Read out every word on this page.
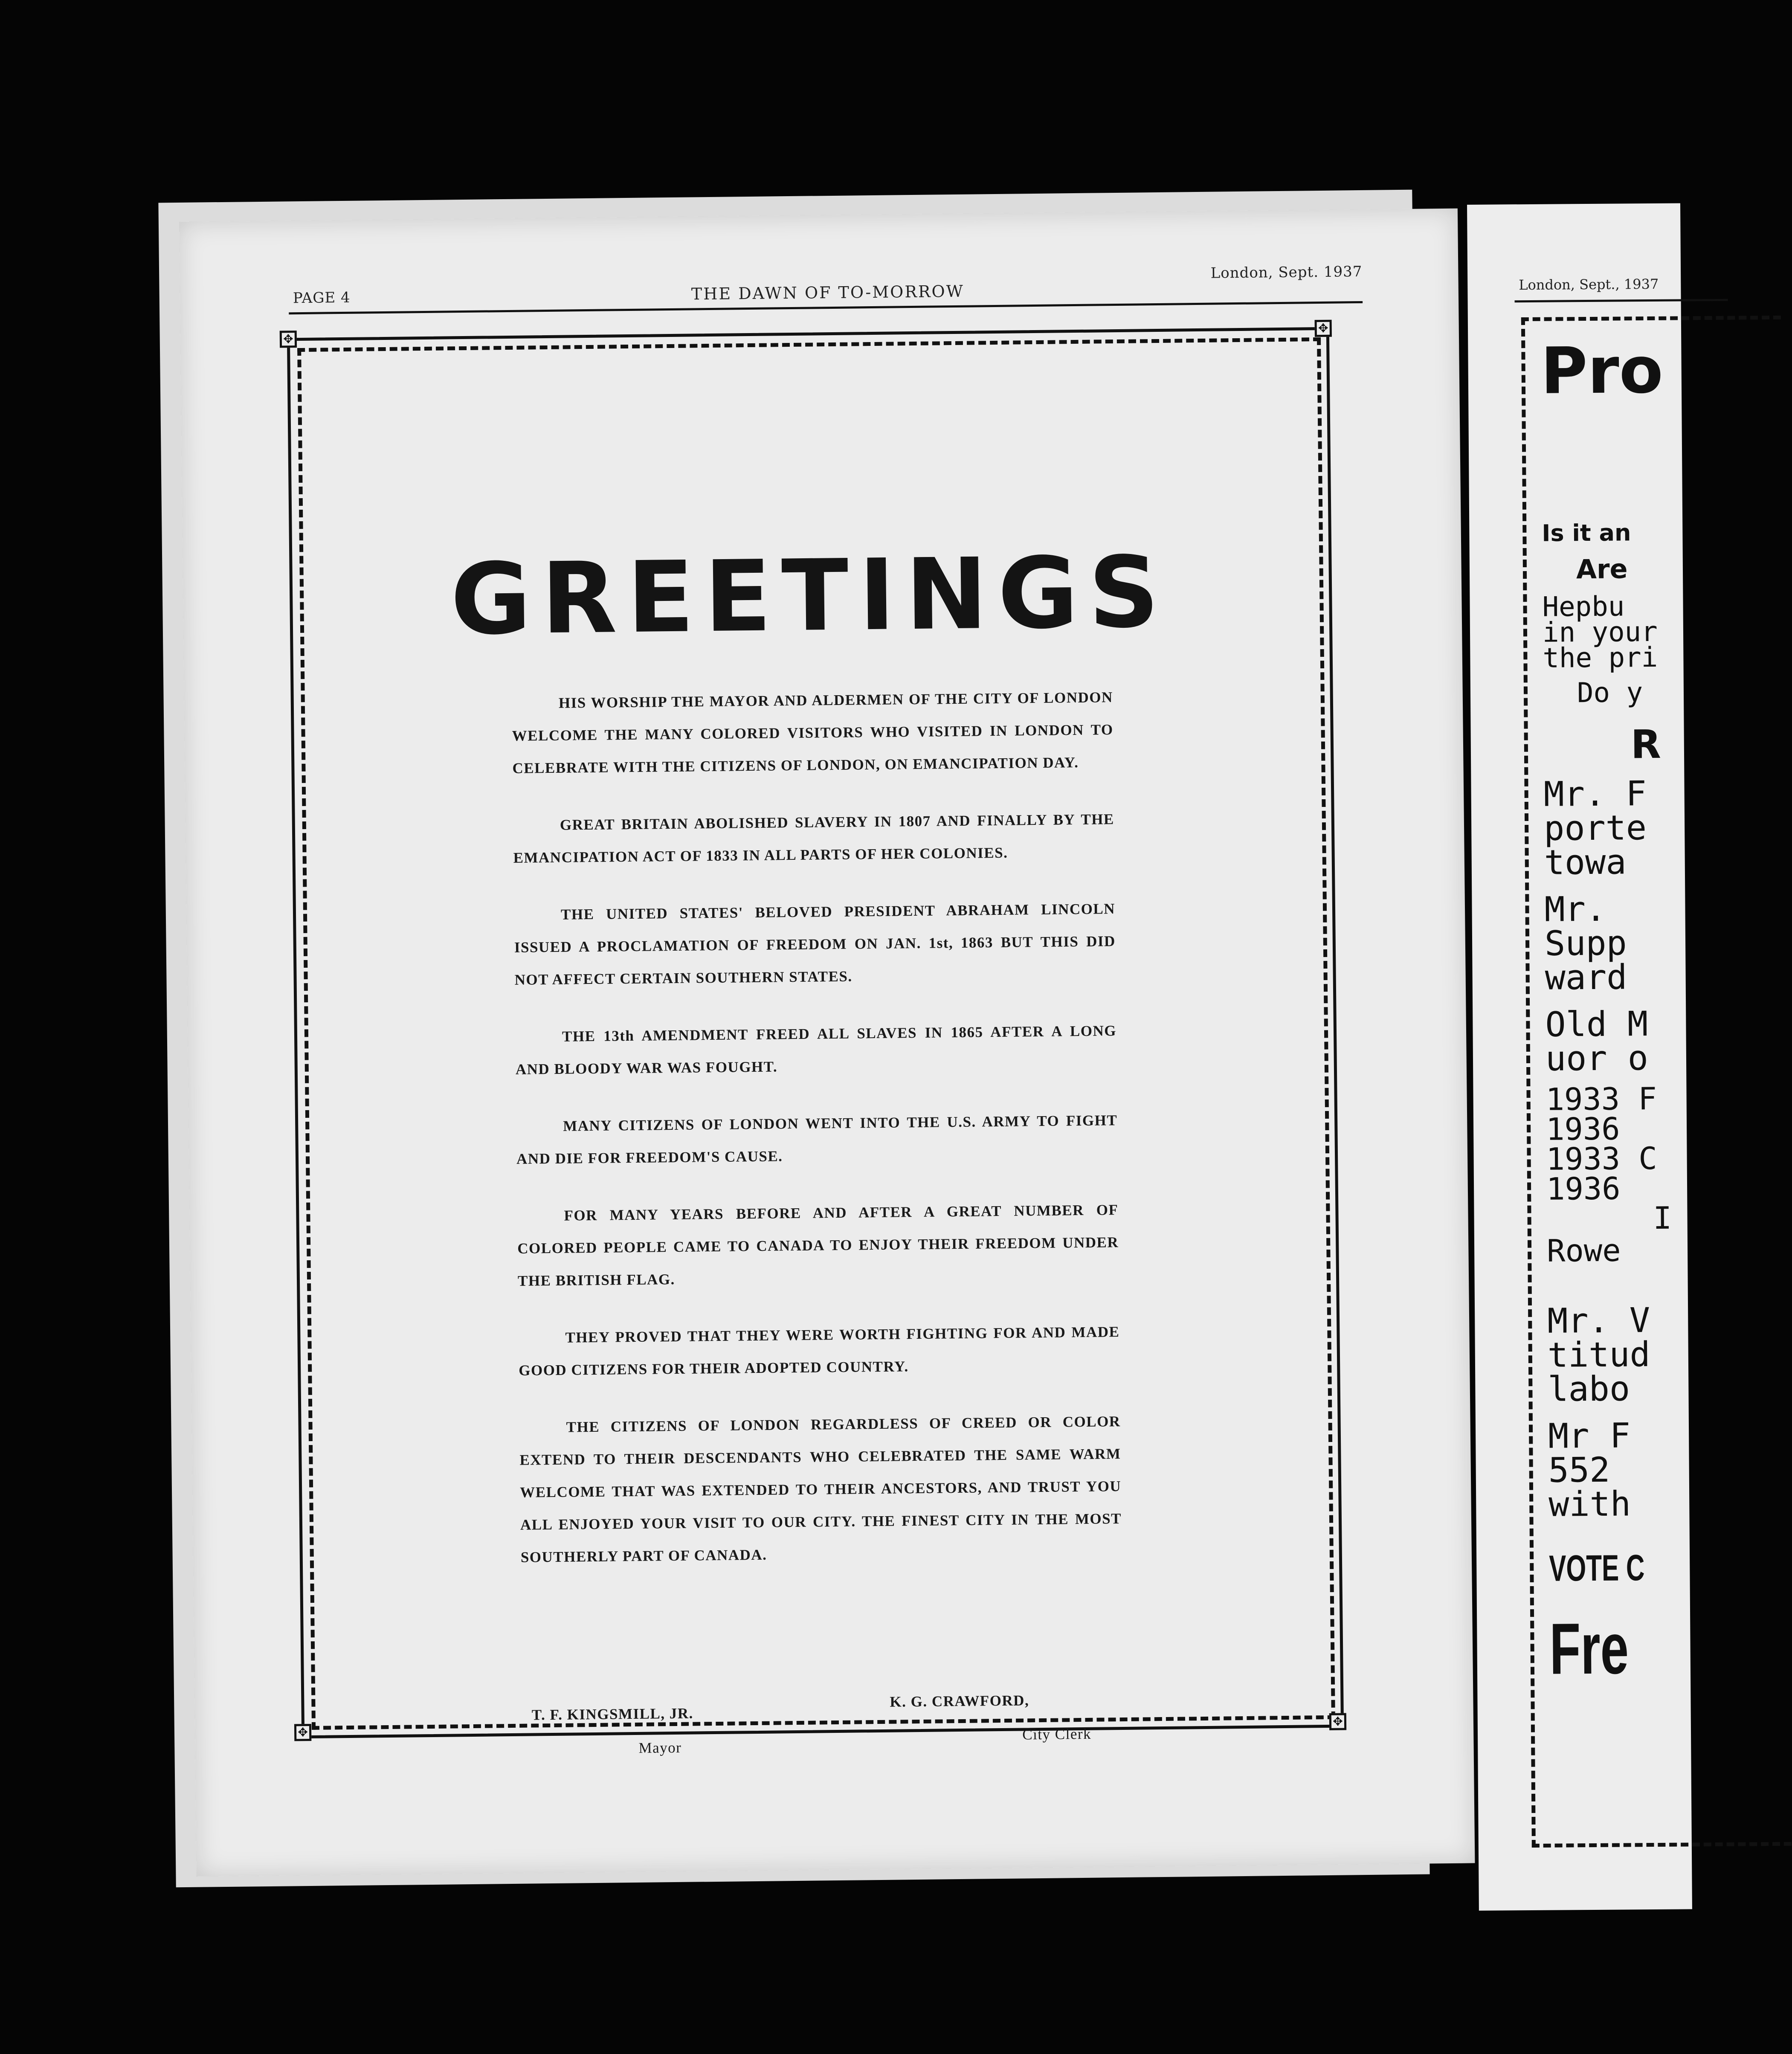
PAGE 4	THE DAWN OF TO-MORROW
London, Sept. 1937
✥
✥
✥
✥
GREETINGS

HIS WORSHIP THE MAYOR AND ALDERMEN OF THE CITY OF LONDON WELCOME THE MANY COLORED VISITORS WHO VISITED IN LONDON TO CELEBRATE WITH THE CITIZENS OF LONDON, ON EMANCIPATION DAY.

GREAT BRITAIN ABOLISHED SLAVERY IN 1807 AND FINALLY BY THE EMANCIPATION ACT OF 1833 IN ALL PARTS OF HER COLONIES.

THE UNITED STATES' BELOVED PRESIDENT ABRAHAM LINCOLN ISSUED A PROCLAMATION OF FREEDOM ON JAN. 1st, 1863 BUT THIS DID NOT AFFECT CERTAIN SOUTHERN STATES.

THE 13th AMENDMENT FREED ALL SLAVES IN 1865 AFTER A LONG AND BLOODY WAR WAS FOUGHT.

MANY CITIZENS OF LONDON WENT INTO THE U.S. ARMY TO FIGHT AND DIE FOR FREEDOM'S CAUSE.

FOR MANY YEARS BEFORE AND AFTER A GREAT NUMBER OF COLORED PEOPLE CAME TO CANADA TO ENJOY THEIR FREEDOM UNDER THE BRITISH FLAG.

THEY PROVED THAT THEY WERE WORTH FIGHTING FOR AND MADE GOOD CITIZENS FOR THEIR ADOPTED COUNTRY.

THE CITIZENS OF LONDON REGARDLESS OF CREED OR COLOR EXTEND TO THEIR DESCENDANTS WHO CELEBRATED THE SAME WARM WELCOME THAT WAS EXTENDED TO THEIR ANCESTORS, AND TRUST YOU ALL ENJOYED YOUR VISIT TO OUR CITY. THE FINEST CITY IN THE MOST SOUTHERLY PART OF CANADA.

T. F. KINGSMILL, JR.
Mayor
K. G. CRAWFORD,
City Clerk
London, Sept., 1937
Pro
Is it an
Are
Hepbu
in your
the pri
Do y
R
Mr. F
porte
towa
Mr.
Supp
ward
Old M
uor o
1933 F
1936
1933 C
1936
I
Rowe
Mr. V
titud
labo
Mr F
552
with
VOTE C
Fre
